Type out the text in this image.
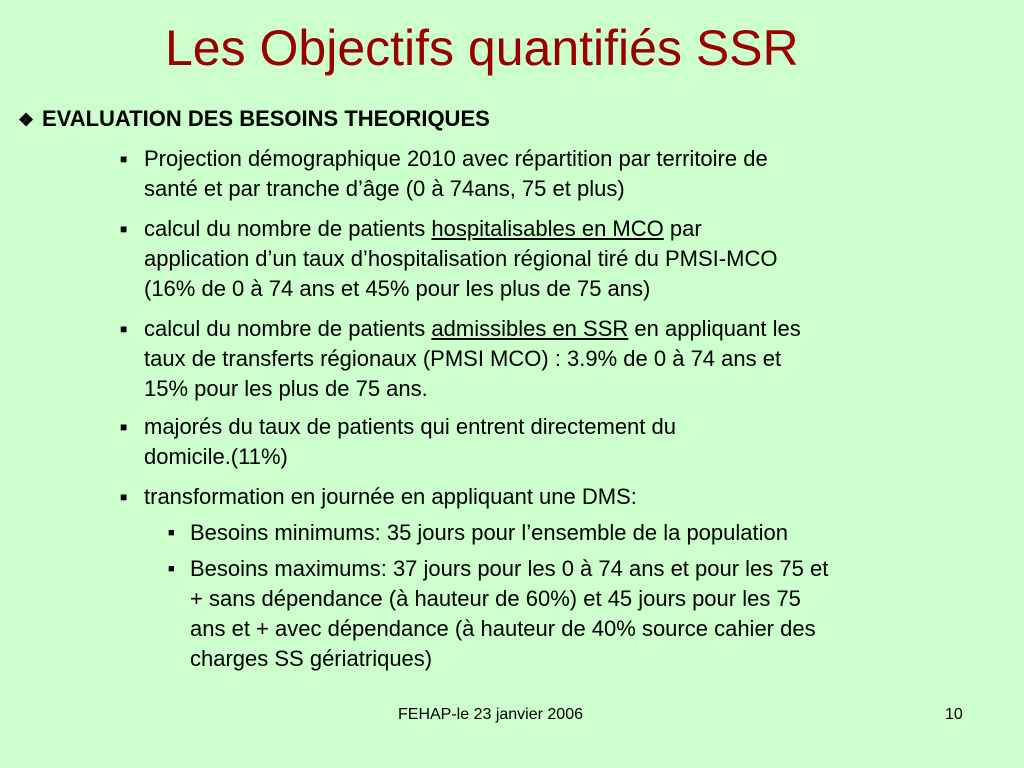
Les Objectifs quantifiés SSR
❖ EVALUATION DES BESOINS THEORIQUES
■ Projection démographique 2010 avec répartition par territoire de
santé et par tranche d’âge (0 à 74ans, 75 et plus)
■ calcul du nombre de patients hospitalisables en MCO par
application d’un taux d’hospitalisation régional tiré du PMSI-MCO
(16% de 0 à 74 ans et 45% pour les plus de 75 ans)
■ calcul du nombre de patients admissibles en SSR en appliquant les
taux de transferts régionaux (PMSI MCO) : 3.9% de 0 à 74 ans et
15% pour les plus de 75 ans.
■ majorés du taux de patients qui entrent directement du
domicile.(11%)
■ transformation en journée en appliquant une DMS:
■ Besoins minimums: 35 jours pour l’ensemble de la population
■ Besoins maximums: 37 jours pour les 0 à 74 ans et pour les 75 et
+ sans dépendance (à hauteur de 60%) et 45 jours pour les 75
ans et + avec dépendance (à hauteur de 40% source cahier des
charges SS gériatriques)
FEHAP-le 23 janvier 2006	10
